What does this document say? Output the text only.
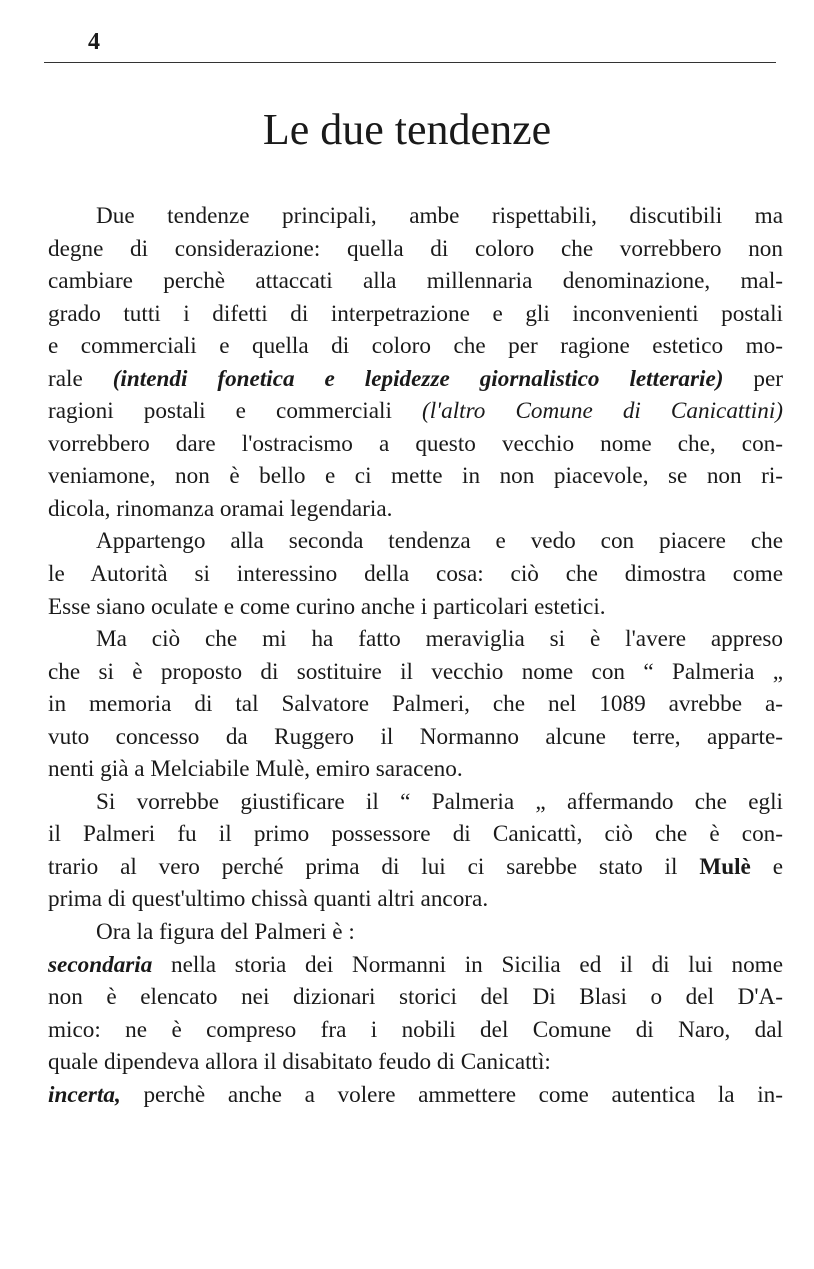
4
Le due tendenze
Due tendenze principali, ambe rispettabili, discutibili ma
degne di considerazione: quella di coloro che vorrebbero non
cambiare perchè attaccati alla millennaria denominazione, mal-
grado tutti i difetti di interpetrazione e gli inconvenienti postali
e commerciali e quella di coloro che per ragione estetico mo-
rale (intendi fonetica e lepidezze giornalistico letterarie) per
ragioni postali e commerciali (l'altro Comune di Canicattini)
vorrebbero dare l'ostracismo a questo vecchio nome che, con-
veniamone, non è bello e ci mette in non piacevole, se non ri-
dicola, rinomanza oramai legendaria.
Appartengo alla seconda tendenza e vedo con piacere che
le Autorità si interessino della cosa: ciò che dimostra come
Esse siano oculate e come curino anche i particolari estetici.
Ma ciò che mi ha fatto meraviglia si è l'avere appreso
che si è proposto di sostituire il vecchio nome con “ Palmeria „
in memoria di tal Salvatore Palmeri, che nel 1089 avrebbe a-
vuto concesso da Ruggero il Normanno alcune terre, apparte-
nenti già a Melciabile Mulè, emiro saraceno.
Si vorrebbe giustificare il “ Palmeria „ affermando che egli
il Palmeri fu il primo possessore di Canicattì, ciò che è con-
trario al vero perché prima di lui ci sarebbe stato il Mulè e
prima di quest'ultimo chissà quanti altri ancora.
Ora la figura del Palmeri è :
secondaria nella storia dei Normanni in Sicilia ed il di lui nome
non è elencato nei dizionari storici del Di Blasi o del D'A-
mico: ne è compreso fra i nobili del Comune di Naro, dal
quale dipendeva allora il disabitato feudo di Canicattì:
incerta, perchè anche a volere ammettere come autentica la in-
